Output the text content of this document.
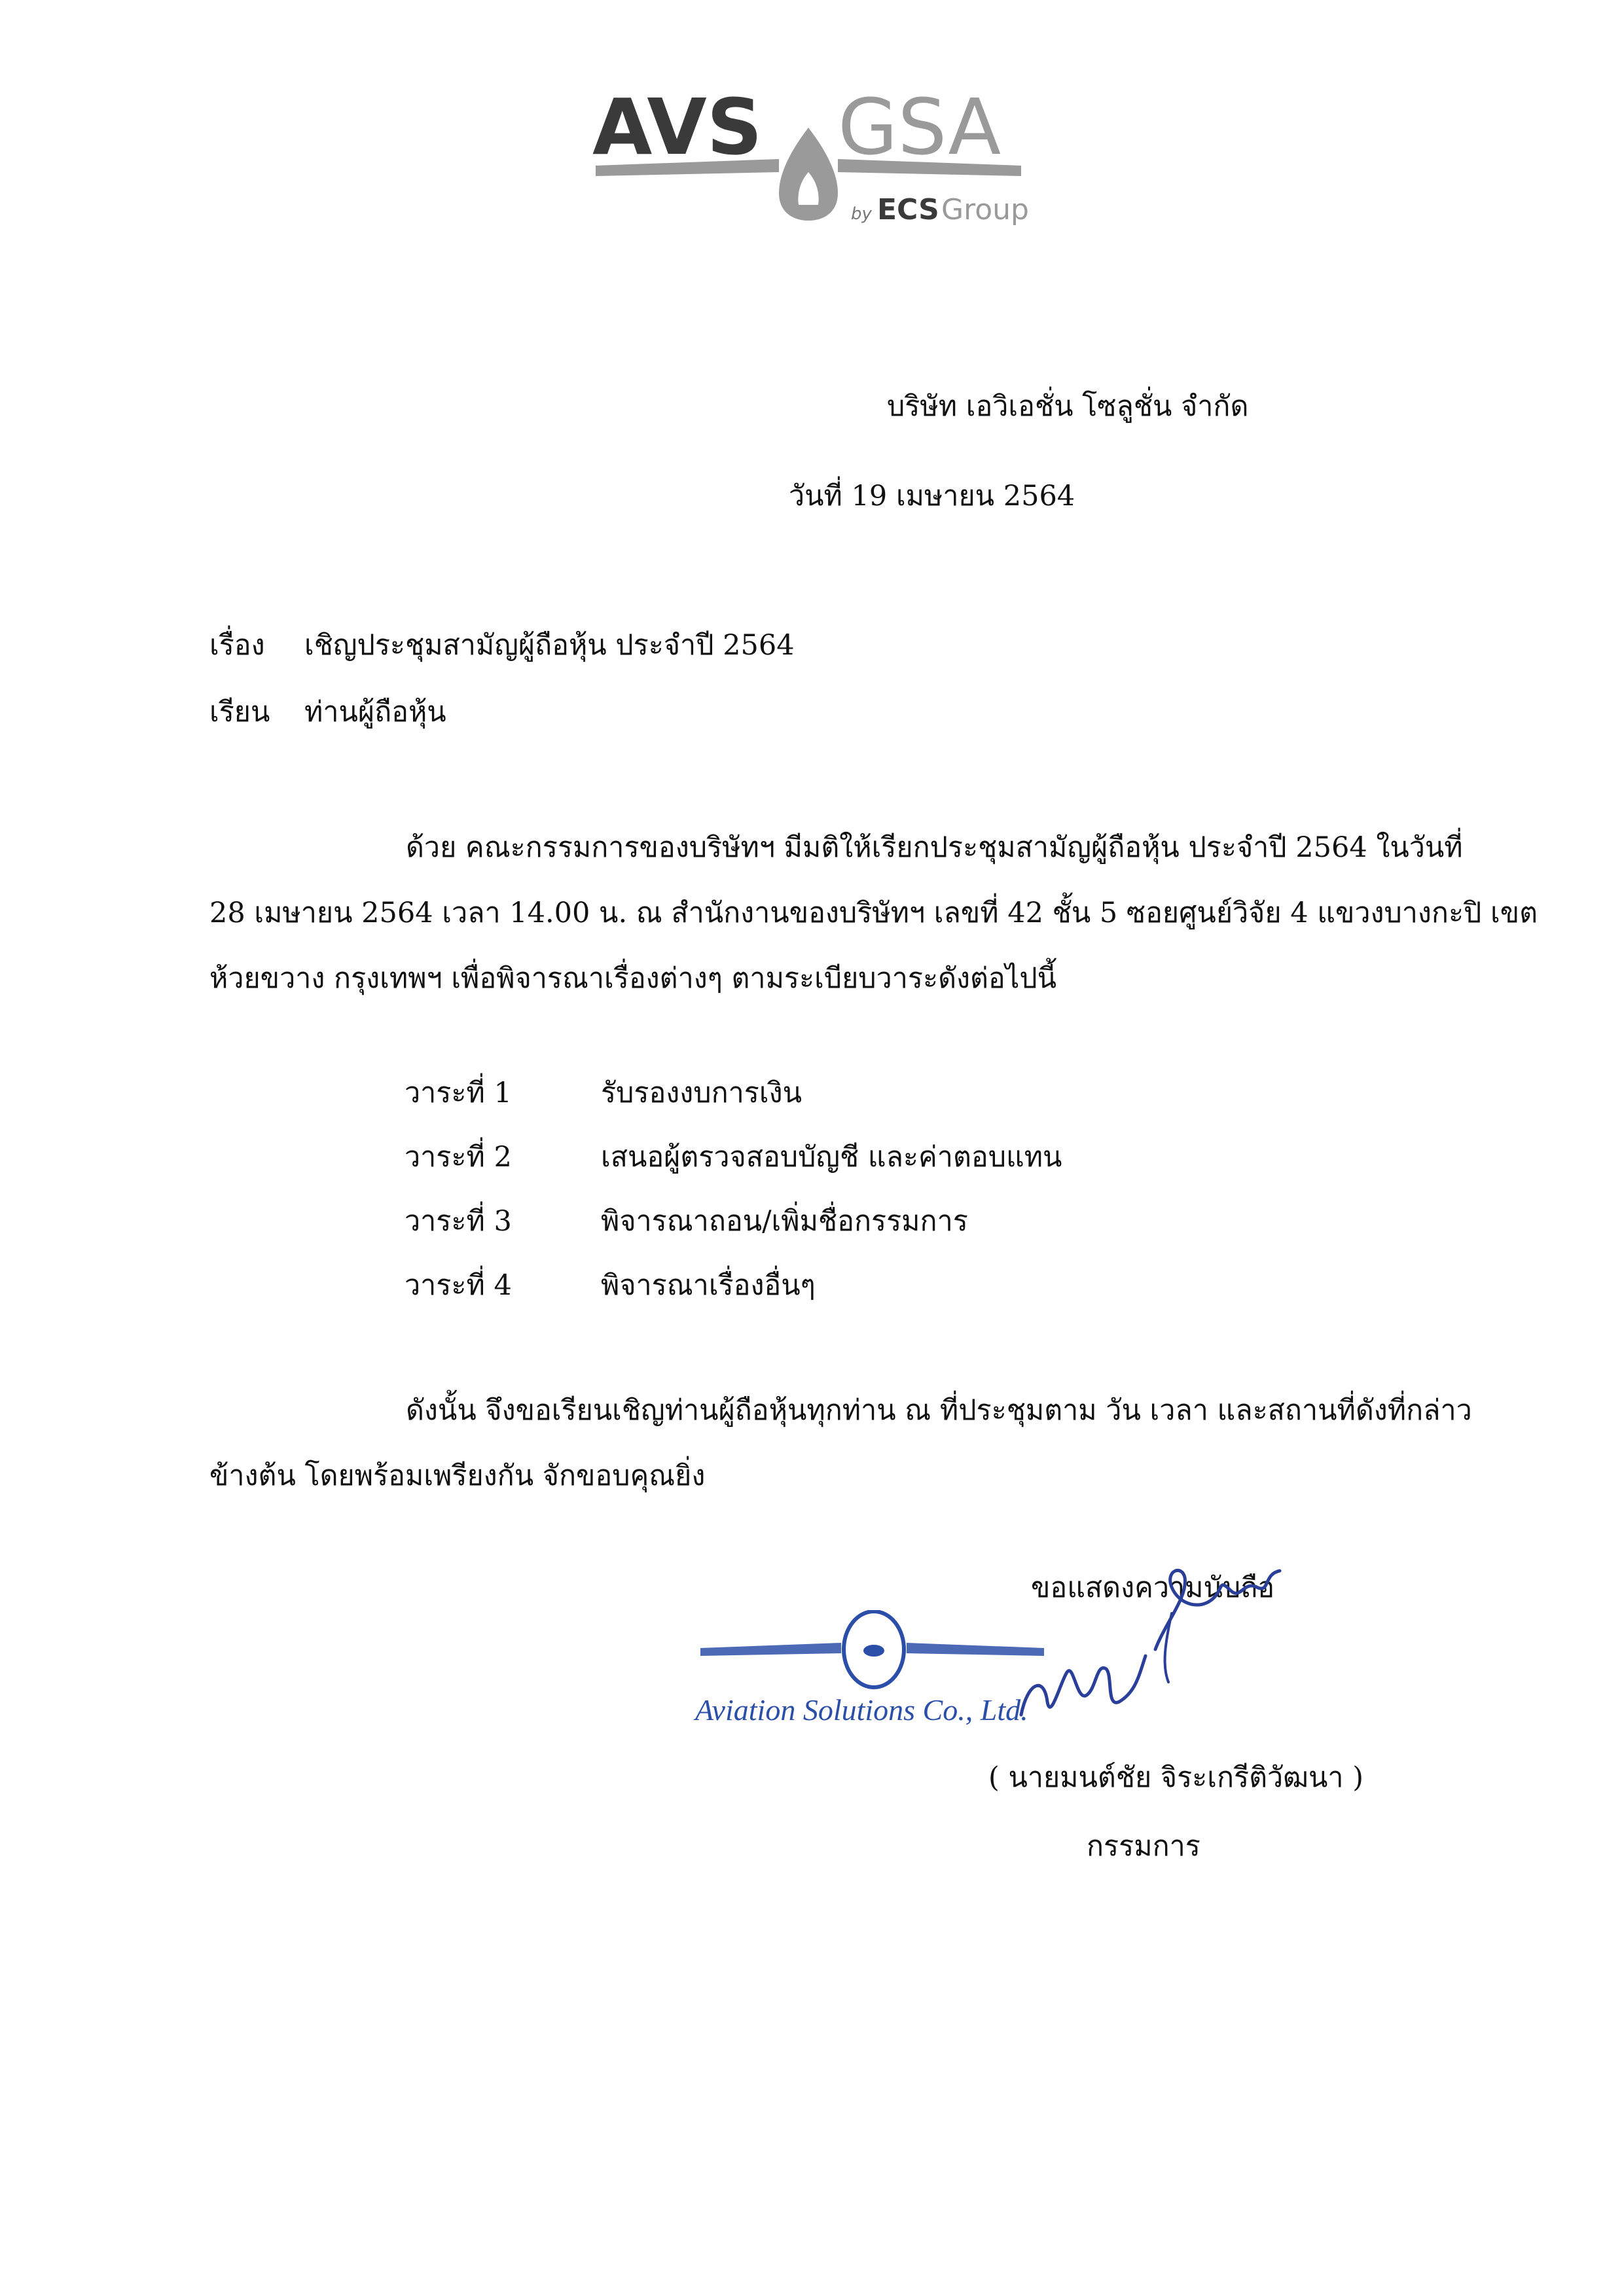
AVS GSA
by ECS Group
บริษัท เอวิเอชั่น โซลูชั่น จำกัด
วันที่ 19 เมษายน 2564
เรื่อง เชิญประชุมสามัญผู้ถือหุ้น ประจำปี 2564
เรียน ท่านผู้ถือหุ้น
ด้วย คณะกรรมการของบริษัทฯ มีมติให้เรียกประชุมสามัญผู้ถือหุ้น ประจำปี 2564 ในวันที่
28 เมษายน 2564 เวลา 14.00 น. ณ สำนักงานของบริษัทฯ เลขที่ 42 ชั้น 5 ซอยศูนย์วิจัย 4 แขวงบางกะปิ เขต
ห้วยขวาง กรุงเทพฯ เพื่อพิจารณาเรื่องต่างๆ ตามระเบียบวาระดังต่อไปนี้
วาระที่ 1	รับรองงบการเงิน
วาระที่ 2	เสนอผู้ตรวจสอบบัญชี และค่าตอบแทน
วาระที่ 3	พิจารณาถอน/เพิ่มชื่อกรรมการ
วาระที่ 4	พิจารณาเรื่องอื่นๆ
ดังนั้น จึงขอเรียนเชิญท่านผู้ถือหุ้นทุกท่าน ณ ที่ประชุมตาม วัน เวลา และสถานที่ดังที่กล่าว
ข้างต้น โดยพร้อมเพรียงกัน จักขอบคุณยิ่ง
ขอแสดงความนับถือ
Aviation Solutions Co., Ltd.
( นายมนต์ชัย จิระเกรีติวัฒนา )
กรรมการ
